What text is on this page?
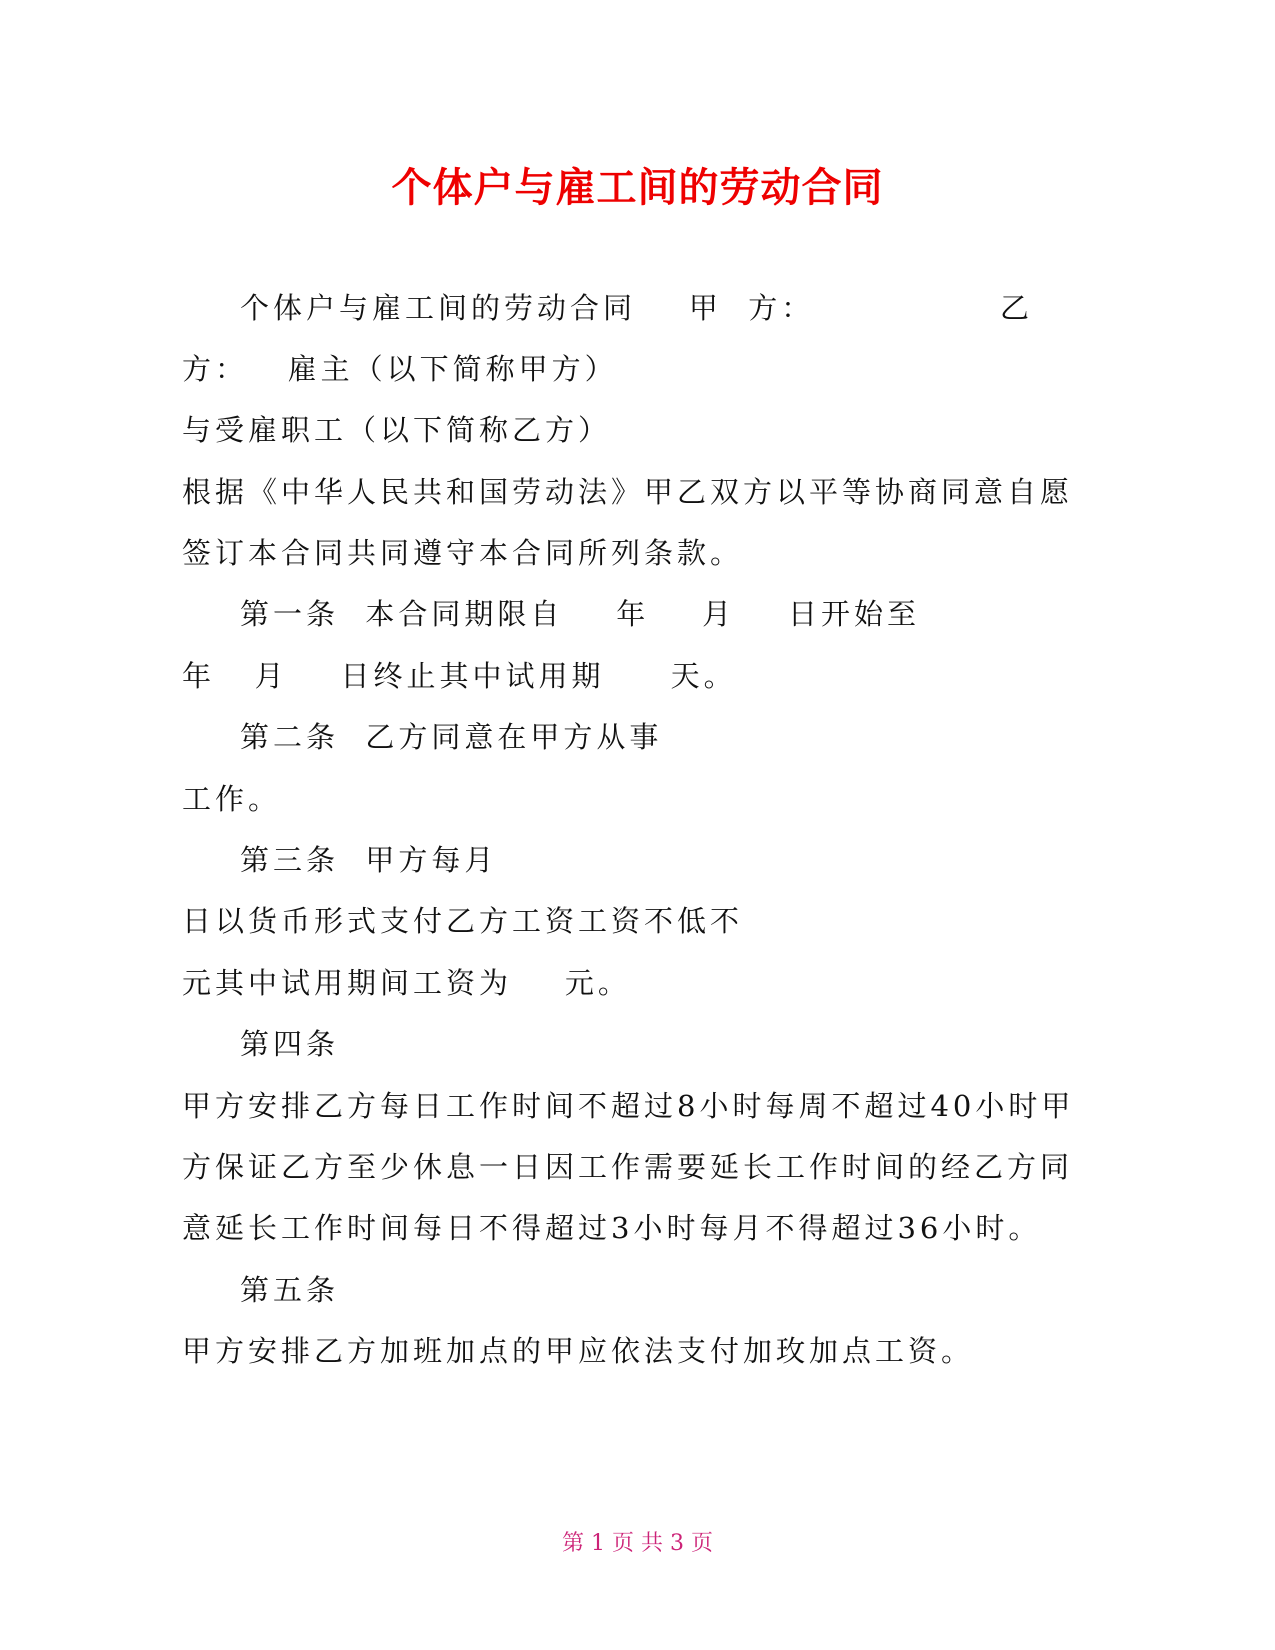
个体户与雇工间的劳动合同
个体户与雇工间的劳动合同    甲  方：	乙
方：   雇主（以下简称甲方）
与受雇职工（以下简称乙方）
根据《中华人民共和国劳动法》甲乙双方以平等协商同意自愿
签订本合同共同遵守本合同所列条款。
第一条  本合同期限自    年    月    日开始至
年   月    日终止其中试用期     天。
第二条  乙方同意在甲方从事
工作。
第三条  甲方每月
日以货币形式支付乙方工资工资不低不
元其中试用期间工资为    元。
第四条
甲方安排乙方每日工作时间不超过8小时每周不超过40小时甲
方保证乙方至少休息一日因工作需要延长工作时间的经乙方同
意延长工作时间每日不得超过3小时每月不得超过36小时。
第五条
甲方安排乙方加班加点的甲应依法支付加玫加点工资。
第 1 页 共 3 页
